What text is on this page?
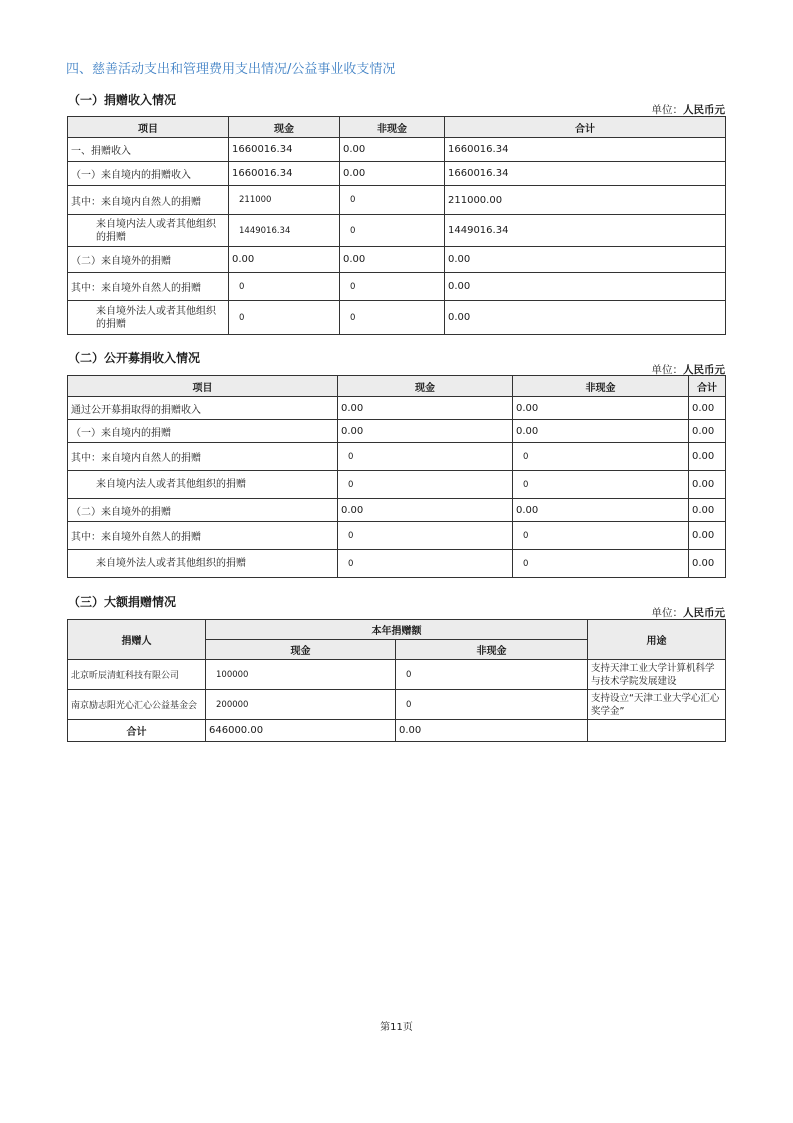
四、慈善活动支出和管理费用支出情况/公益事业收支情况
（一）捐赠收入情况
单位：人民币元
项目	现金	非现金	合计
一、捐赠收入	1660016.34	0.00	1660016.34
（一）来自境内的捐赠收入	1660016.34	0.00	1660016.34
其中：来自境内自然人的捐赠	211000	0	211000.00
来自境内法人或者其他组织的捐赠	1449016.34	0	1449016.34
（二）来自境外的捐赠	0.00	0.00	0.00
其中：来自境外自然人的捐赠	0	0	0.00
来自境外法人或者其他组织的捐赠	0	0	0.00
（二）公开募捐收入情况
单位：人民币元
项目	现金	非现金	合计
通过公开募捐取得的捐赠收入	0.00	0.00	0.00
（一）来自境内的捐赠	0.00	0.00	0.00
其中：来自境内自然人的捐赠	0	0	0.00
来自境内法人或者其他组织的捐赠	0	0	0.00
（二）来自境外的捐赠	0.00	0.00	0.00
其中：来自境外自然人的捐赠	0	0	0.00
来自境外法人或者其他组织的捐赠	0	0	0.00
（三）大额捐赠情况
单位：人民币元
捐赠人	本年捐赠额		用途
	现金	非现金	
北京昕辰清虹科技有限公司	100000	0	支持天津工业大学计算机科学与技术学院发展建设
南京励志阳光心汇心公益基金会	200000	0	支持设立“天津工业大学心汇心奖学金”
合计	646000.00	0.00	
第11页
